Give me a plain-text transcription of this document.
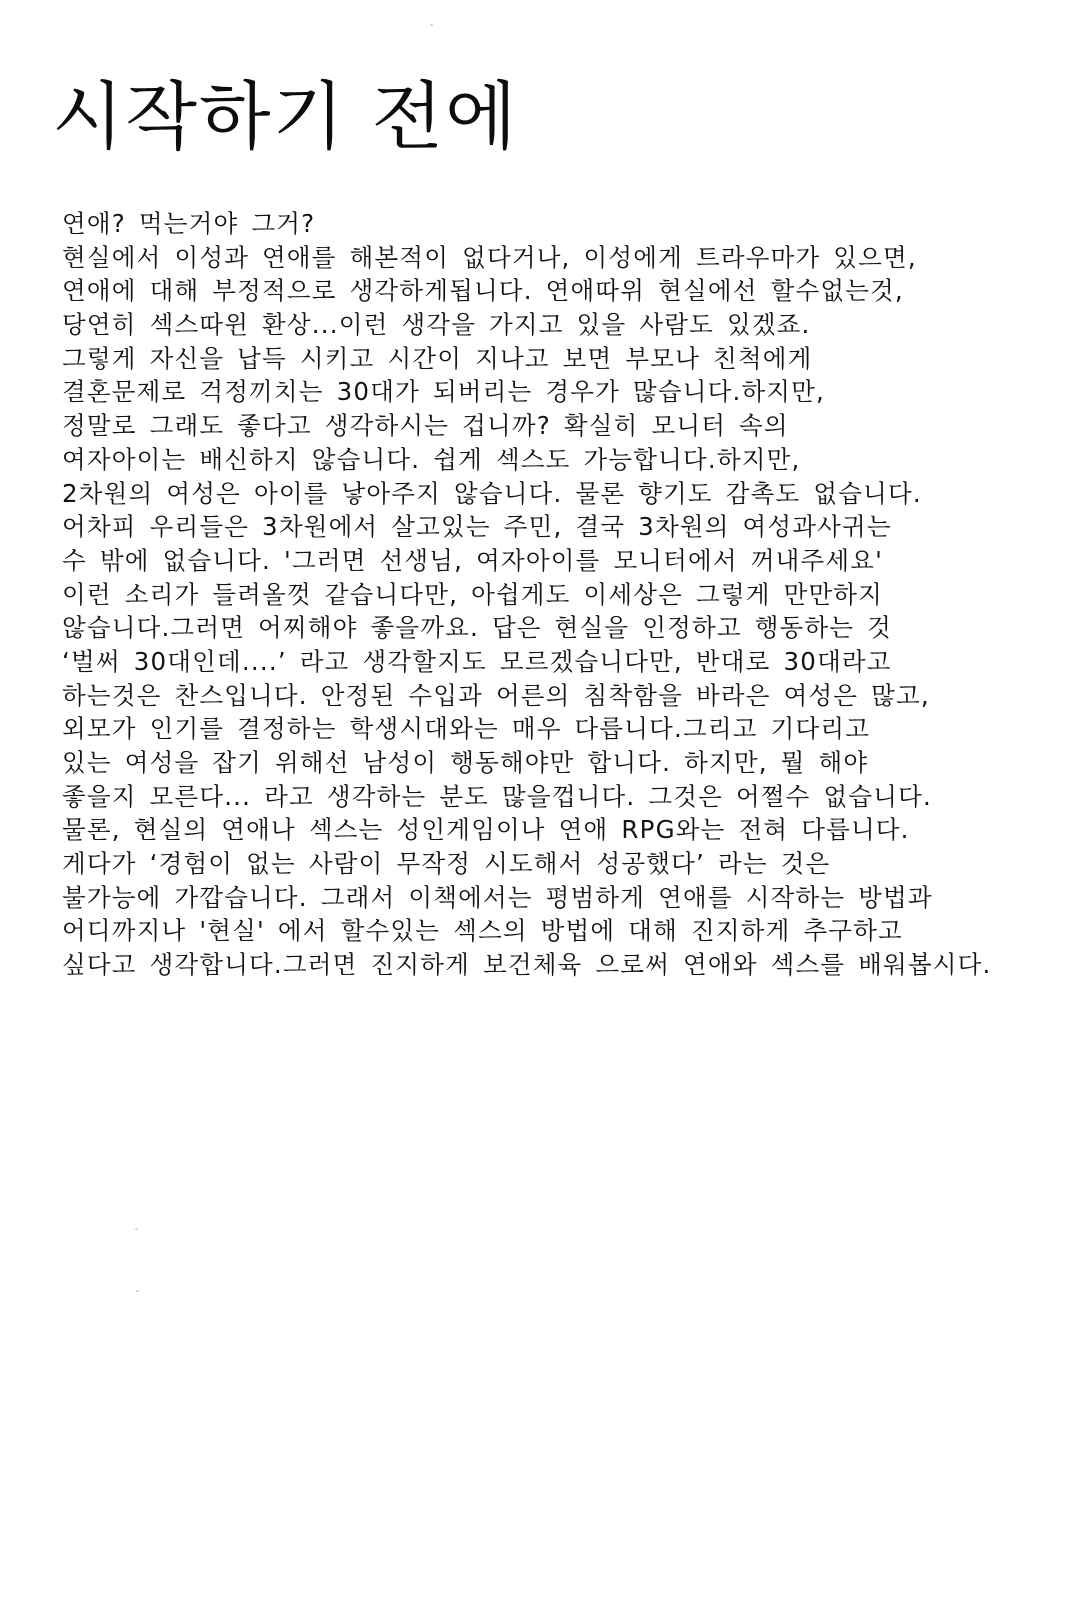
시작하기 전에
연애? 먹는거야 그거?
현실에서 이성과 연애를 해본적이 없다거나, 이성에게 트라우마가 있으면,
연애에 대해 부정적으로 생각하게됩니다. 연애따위 현실에선 할수없는것,
당연히 섹스따윈 환상...이런 생각을 가지고 있을 사람도 있겠죠.
그렇게 자신을 납득 시키고 시간이 지나고 보면 부모나 친척에게
결혼문제로 걱정끼치는 30대가 되버리는 경우가 많습니다.하지만,
정말로 그래도 좋다고 생각하시는 겁니까? 확실히 모니터 속의
여자아이는 배신하지 않습니다. 쉽게 섹스도 가능합니다.하지만,
2차원의 여성은 아이를 낳아주지 않습니다. 물론 향기도 감촉도 없습니다.
어차피 우리들은 3차원에서 살고있는 주민, 결국 3차원의 여성과사귀는
수 밖에 없습니다. '그러면 선생님, 여자아이를 모니터에서 꺼내주세요'
이런 소리가 들려올껏 같습니다만, 아쉽게도 이세상은 그렇게 만만하지
않습니다.그러면 어찌해야 좋을까요. 답은 현실을 인정하고 행동하는 것
‘벌써 30대인데....’ 라고 생각할지도 모르겠습니다만, 반대로 30대라고
하는것은 찬스입니다. 안정된 수입과 어른의 침착함을 바라은 여성은 많고,
외모가 인기를 결정하는 학생시대와는 매우 다릅니다.그리고 기다리고
있는 여성을 잡기 위해선 남성이 행동해야만 합니다. 하지만, 뭘 해야
좋을지 모른다... 라고 생각하는 분도 많을껍니다. 그것은 어쩔수 없습니다.
물론, 현실의 연애나 섹스는 성인게임이나 연애 RPG와는 전혀 다릅니다.
게다가 ‘경험이 없는 사람이 무작정 시도해서 성공했다’ 라는 것은
불가능에 가깝습니다. 그래서 이책에서는 평범하게 연애를 시작하는 방법과
어디까지나 '현실' 에서 할수있는 섹스의 방법에 대해 진지하게 추구하고
싶다고 생각합니다.그러면 진지하게 보건체육 으로써 연애와 섹스를 배워봅시다.
